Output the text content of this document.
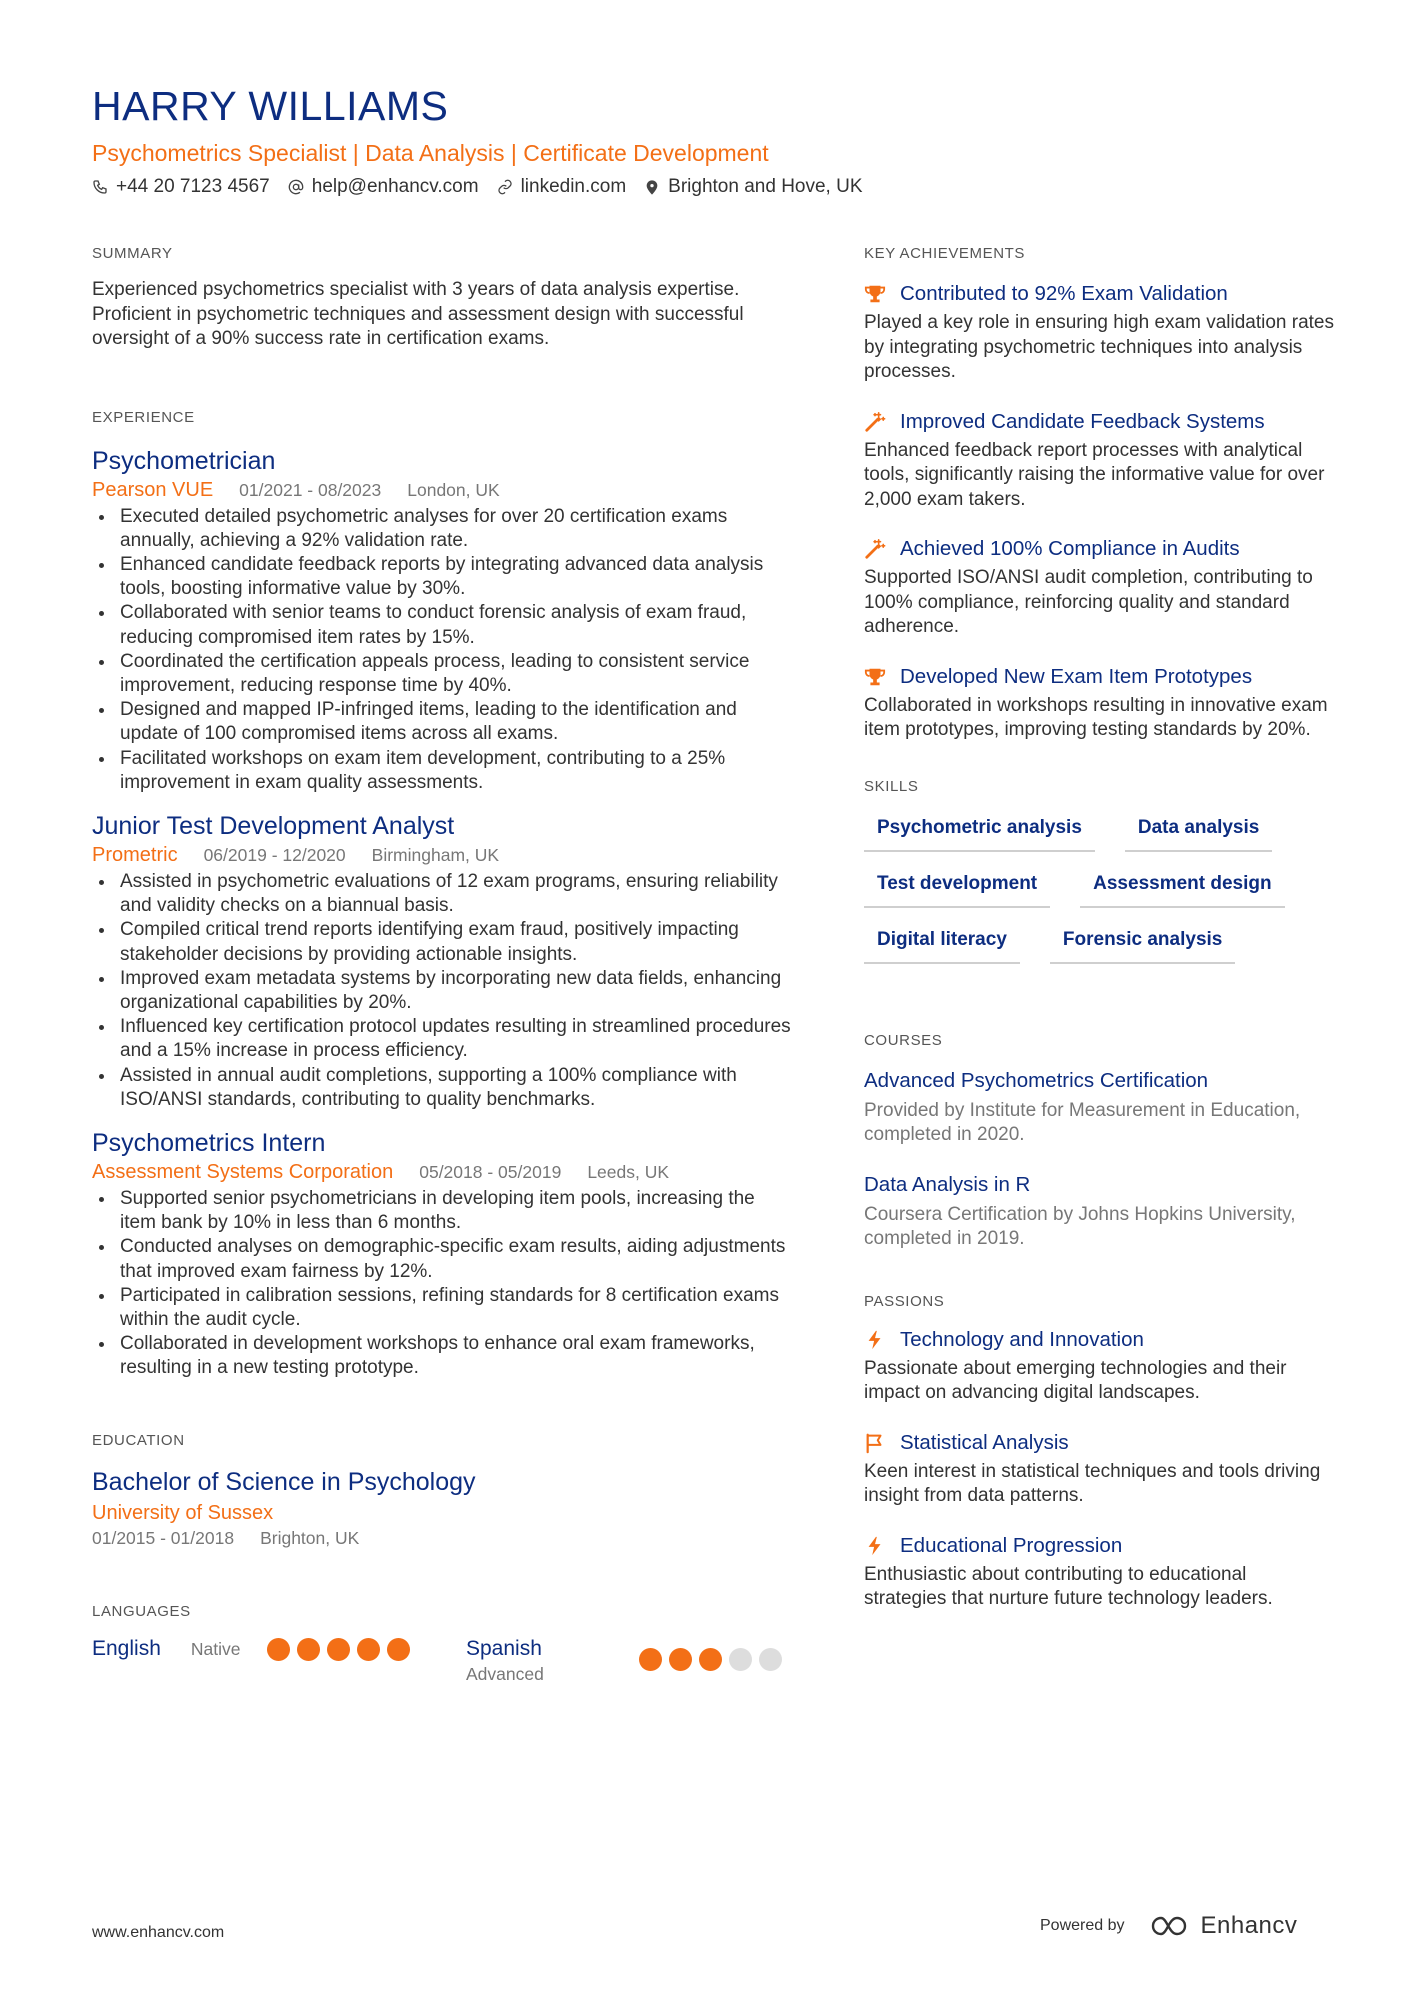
HARRY WILLIAMS
Psychometrics Specialist | Data Analysis | Certificate Development
+44 20 7123 4567 help@enhancv.com linkedin.com Brighton and Hove, UK
SUMMARY
Experienced psychometrics specialist with 3 years of data analysis expertise. Proficient in psychometric techniques and assessment design with successful oversight of a 90% success rate in certification exams.
EXPERIENCE
Psychometrician
Pearson VUE 01/2021 - 08/2023 London, UK
Executed detailed psychometric analyses for over 20 certification exams annually, achieving a 92% validation rate.
Enhanced candidate feedback reports by integrating advanced data analysis tools, boosting informative value by 30%.
Collaborated with senior teams to conduct forensic analysis of exam fraud, reducing compromised item rates by 15%.
Coordinated the certification appeals process, leading to consistent service improvement, reducing response time by 40%.
Designed and mapped IP-infringed items, leading to the identification and update of 100 compromised items across all exams.
Facilitated workshops on exam item development, contributing to a 25% improvement in exam quality assessments.
Junior Test Development Analyst
Prometric 06/2019 - 12/2020 Birmingham, UK
Assisted in psychometric evaluations of 12 exam programs, ensuring reliability and validity checks on a biannual basis.
Compiled critical trend reports identifying exam fraud, positively impacting stakeholder decisions by providing actionable insights.
Improved exam metadata systems by incorporating new data fields, enhancing organizational capabilities by 20%.
Influenced key certification protocol updates resulting in streamlined procedures and a 15% increase in process efficiency.
Assisted in annual audit completions, supporting a 100% compliance with ISO/ANSI standards, contributing to quality benchmarks.
Psychometrics Intern
Assessment Systems Corporation 05/2018 - 05/2019 Leeds, UK
Supported senior psychometricians in developing item pools, increasing the item bank by 10% in less than 6 months.
Conducted analyses on demographic-specific exam results, aiding adjustments that improved exam fairness by 12%.
Participated in calibration sessions, refining standards for 8 certification exams within the audit cycle.
Collaborated in development workshops to enhance oral exam frameworks, resulting in a new testing prototype.
EDUCATION
Bachelor of Science in Psychology
University of Sussex
01/2015 - 01/2018 Brighton, UK
LANGUAGES
English Native	Spanish
Advanced
KEY ACHIEVEMENTS
Contributed to 92% Exam Validation
Played a key role in ensuring high exam validation rates by integrating psychometric techniques into analysis processes.
Improved Candidate Feedback Systems
Enhanced feedback report processes with analytical tools, significantly raising the informative value for over 2,000 exam takers.
Achieved 100% Compliance in Audits
Supported ISO/ANSI audit completion, contributing to 100% compliance, reinforcing quality and standard adherence.
Developed New Exam Item Prototypes
Collaborated in workshops resulting in innovative exam item prototypes, improving testing standards by 20%.
SKILLS
Psychometric analysis	Data analysis
Test development	Assessment design
Digital literacy	Forensic analysis
COURSES
Advanced Psychometrics Certification
Provided by Institute for Measurement in Education, completed in 2020.
Data Analysis in R
Coursera Certification by Johns Hopkins University, completed in 2019.
PASSIONS
Technology and Innovation
Passionate about emerging technologies and their impact on advancing digital landscapes.
Statistical Analysis
Keen interest in statistical techniques and tools driving insight from data patterns.
Educational Progression
Enthusiastic about contributing to educational strategies that nurture future technology leaders.
www.enhancv.com	Powered by	Enhancv
